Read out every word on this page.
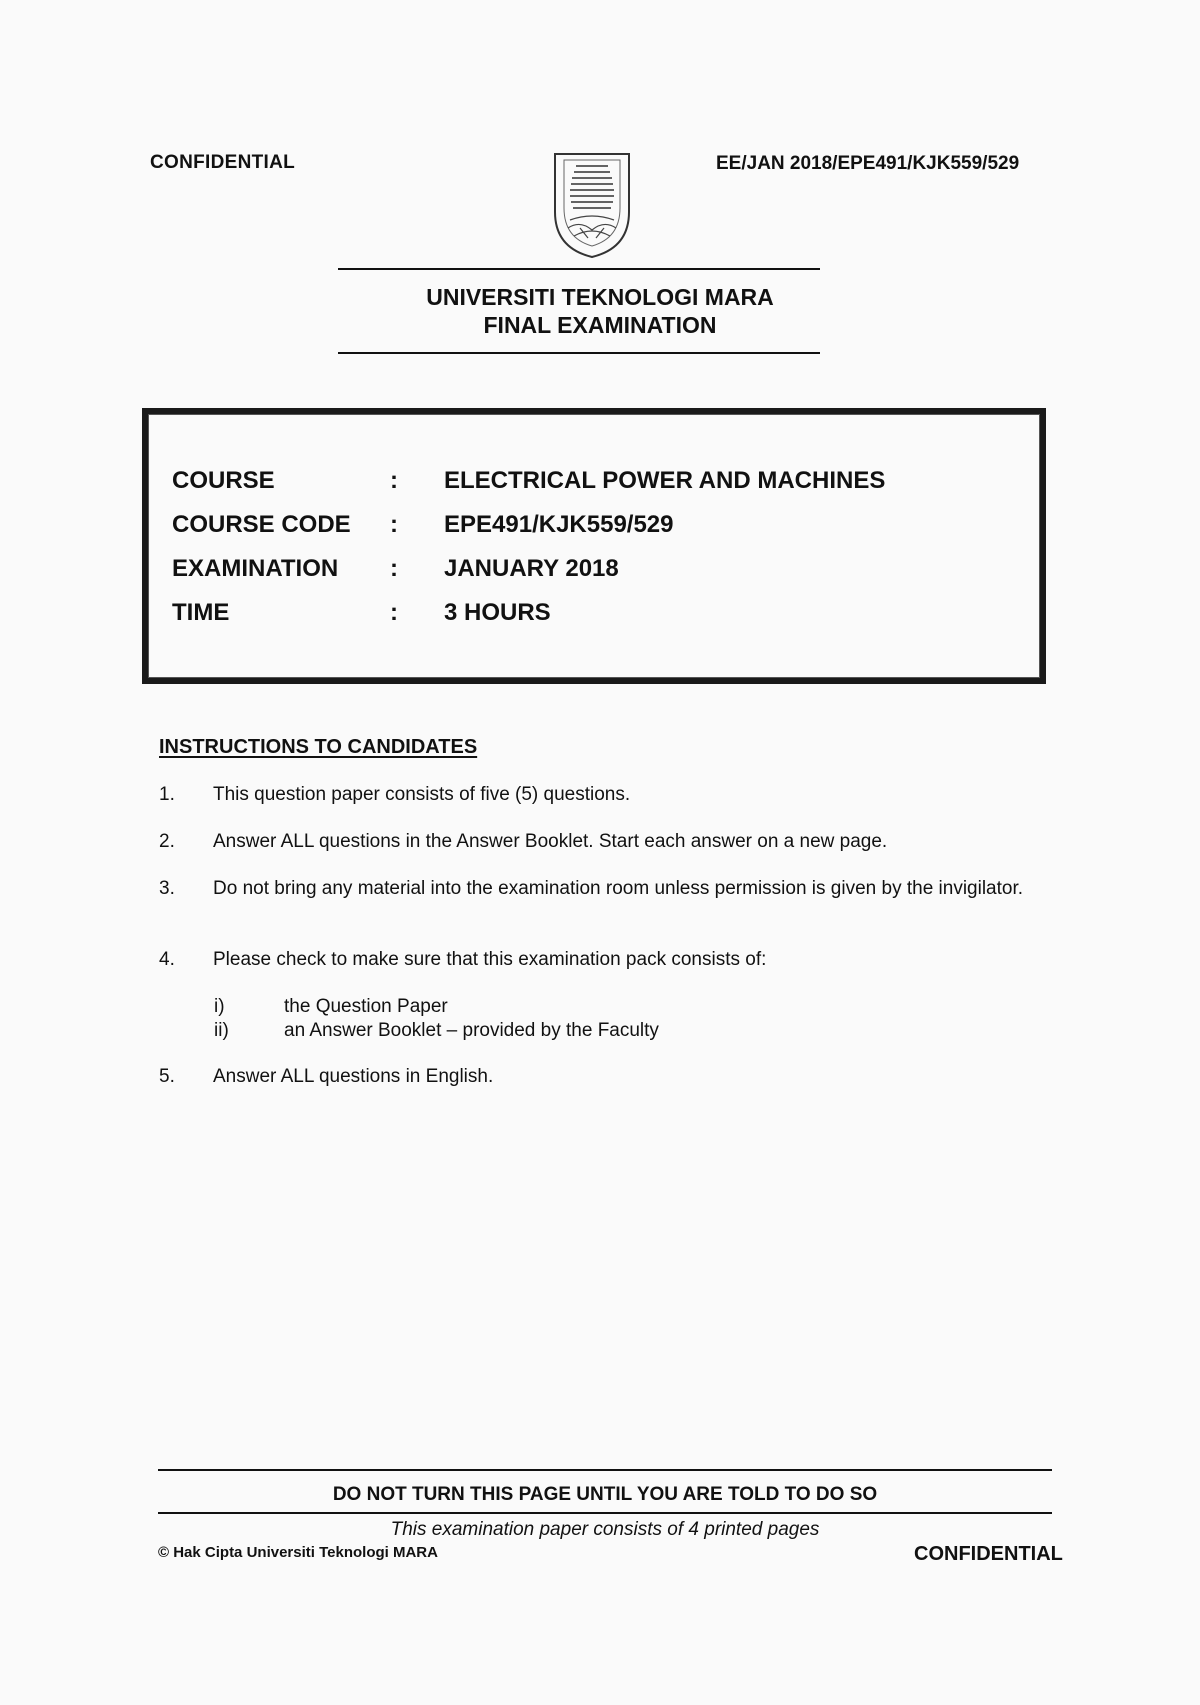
CONFIDENTIAL	EE/JAN 2018/EPE491/KJK559/529
UNIVERSITI TEKNOLOGI MARA
FINAL EXAMINATION
COURSE	: ELECTRICAL POWER AND MACHINES
COURSE CODE : EPE491/KJK559/529
EXAMINATION : JANUARY 2018
TIME	: 3 HOURS
INSTRUCTIONS TO CANDIDATES
1. This question paper consists of five (5) questions.
2. Answer ALL questions in the Answer Booklet. Start each answer on a new page.
3. Do not bring any material into the examination room unless permission is given by the invigilator.
4. Please check to make sure that this examination pack consists of:
i)	the Question Paper
ii)	an Answer Booklet – provided by the Faculty
5. Answer ALL questions in English.
DO NOT TURN THIS PAGE UNTIL YOU ARE TOLD TO DO SO
This examination paper consists of 4 printed pages
© Hak Cipta Universiti Teknologi MARA	CONFIDENTIAL
